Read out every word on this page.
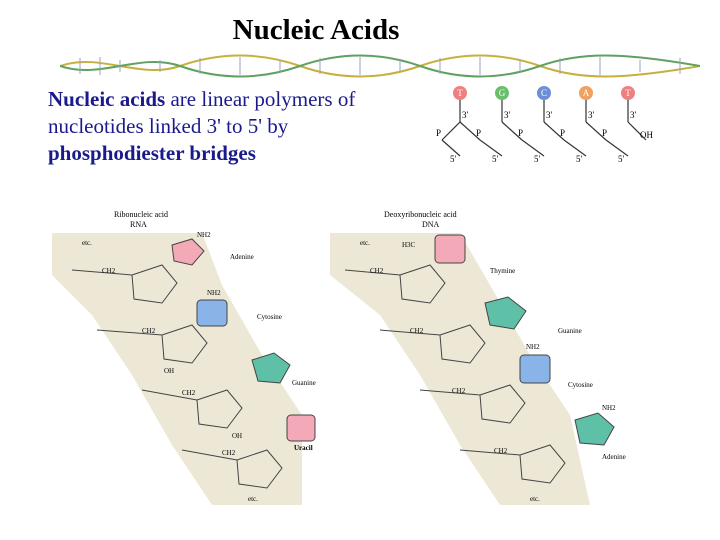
Nucleic Acids
Nucleic acids are linear polymers of nucleotides linked 3' to 5' by phosphodiester bridges
T	G	C	A	T
3'	3'	3'	3'	3'
P	P	P	P	P	OH
5'	5'	5'	5'	5'
Ribonucleic acid
RNA
etc.
Adenine
Cytosine
Guanine
Uracil
NH2
NH2
OH
OH
CH2
CH2
CH2
CH2
etc.
Deoxyribonucleic acid
DNA
etc.
Thymine
Guanine
Cytosine
Adenine
H3C
NH2
NH2
CH2
CH2
CH2
CH2
etc.
